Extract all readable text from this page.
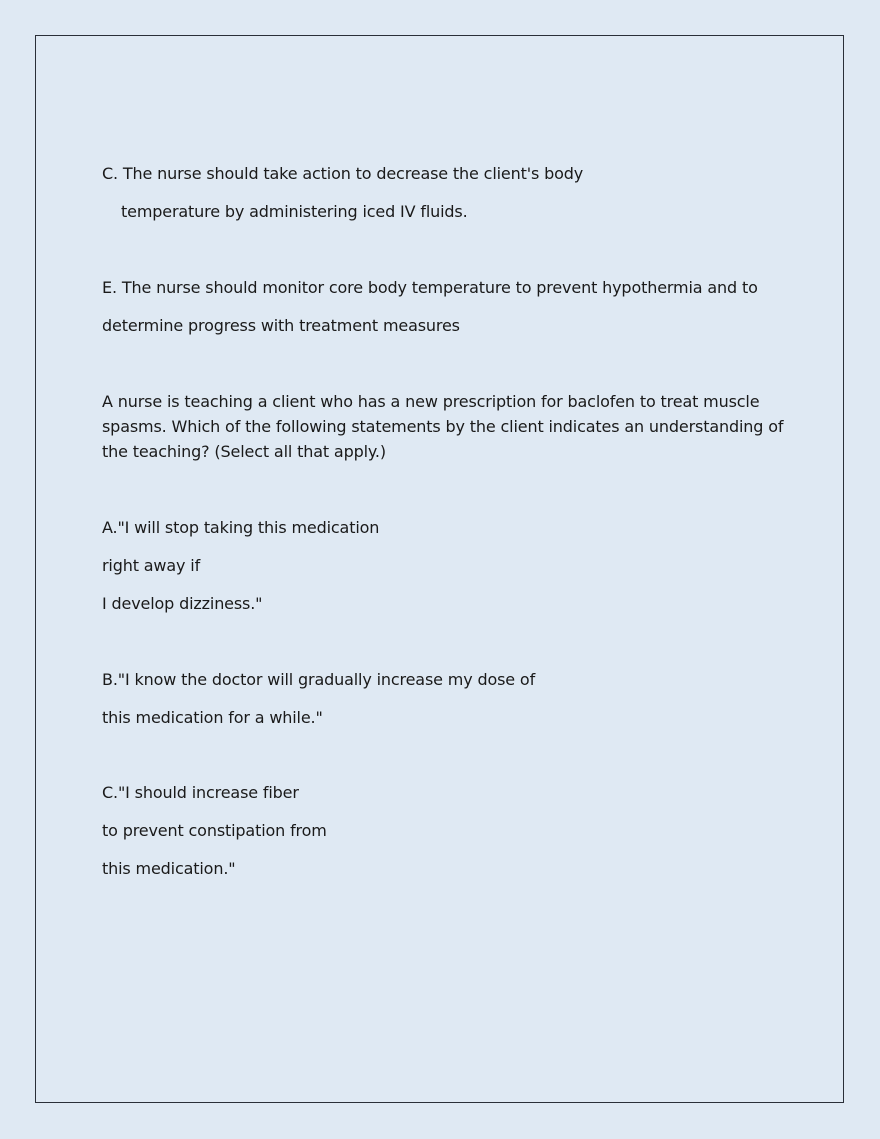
C. The nurse should take action to decrease the client's body
temperature by administering iced IV fluids.
E. The nurse should monitor core body temperature to prevent hypothermia and to
determine progress with treatment measures
A nurse is teaching a client who has a new prescription for baclofen to treat muscle
spasms. Which of the following statements by the client indicates an understanding of
the teaching? (Select all that apply.)
A."I will stop taking this medication
right away if
I develop dizziness."
B."I know the doctor will gradually increase my dose of
this medication for a while."
C."I should increase fiber
to prevent constipation from
this medication."
